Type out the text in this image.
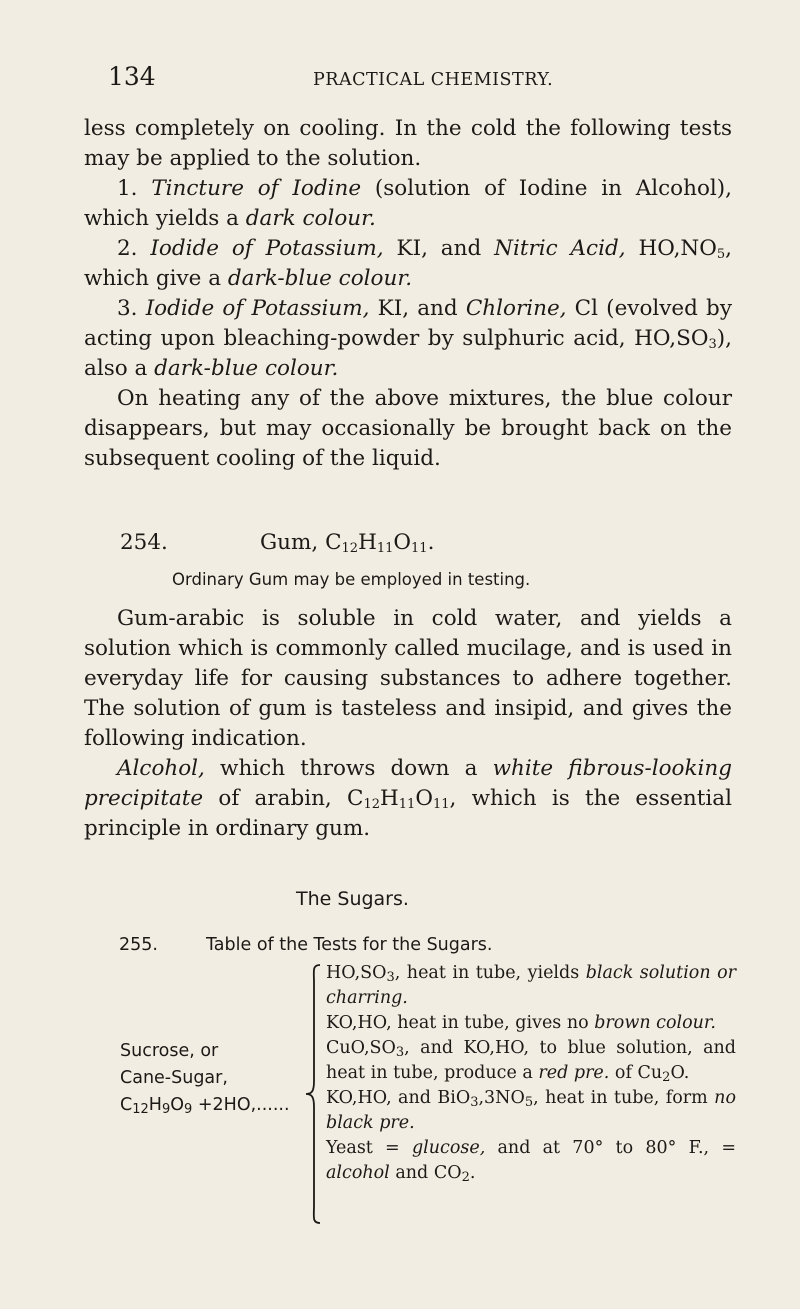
134	PRACTICAL CHEMISTRY.

less completely on cooling. In the cold the following tests may be applied to the solution.

1. Tincture of Iodine (solution of Iodine in Alcohol), which yields a dark colour.

2. Iodide of Potassium, KI, and Nitric Acid, $HO,NO_5$, which give a dark-blue colour.

3. Iodide of Potassium, KI, and Chlorine, Cl (evolved by acting upon bleaching-powder by sulphuric acid, $HO,SO_3$), also a dark-blue colour.

On heating any of the above mixtures, the blue colour disappears, but may occasionally be brought back on the subsequent cooling of the liquid.

254.	Gum, $C_{12}H_{11}O_{11}$.
Ordinary Gum may be employed in testing.

Gum-arabic is soluble in cold water, and yields a solution which is commonly called mucilage, and is used in everyday life for causing substances to adhere together. The solution of gum is tasteless and insipid, and gives the following indication.

Alcohol, which throws down a white fibrous-looking precipitate of arabin, $C_{12}H_{11}O_{11}$, which is the essential principle in ordinary gum.

The Sugars.
255.	Table of the Tests for the Sugars.
Sucrose, or
Cane-Sugar,
$C_{12}H_9O_9 +2HO$,......

$HO,SO_3$, heat in tube, yields black solution or charring.

KO,HO, heat in tube, gives no brown colour.

$CuO,SO_3$, and KO,HO, to blue solution, and heat in tube, produce a red pre. of $Cu_2O$.

KO,HO, and $BiO_3,3NO_5$, heat in tube, form no black pre.

Yeast = glucose, and at 70° to 80° F., = alcohol and $CO_2$.
